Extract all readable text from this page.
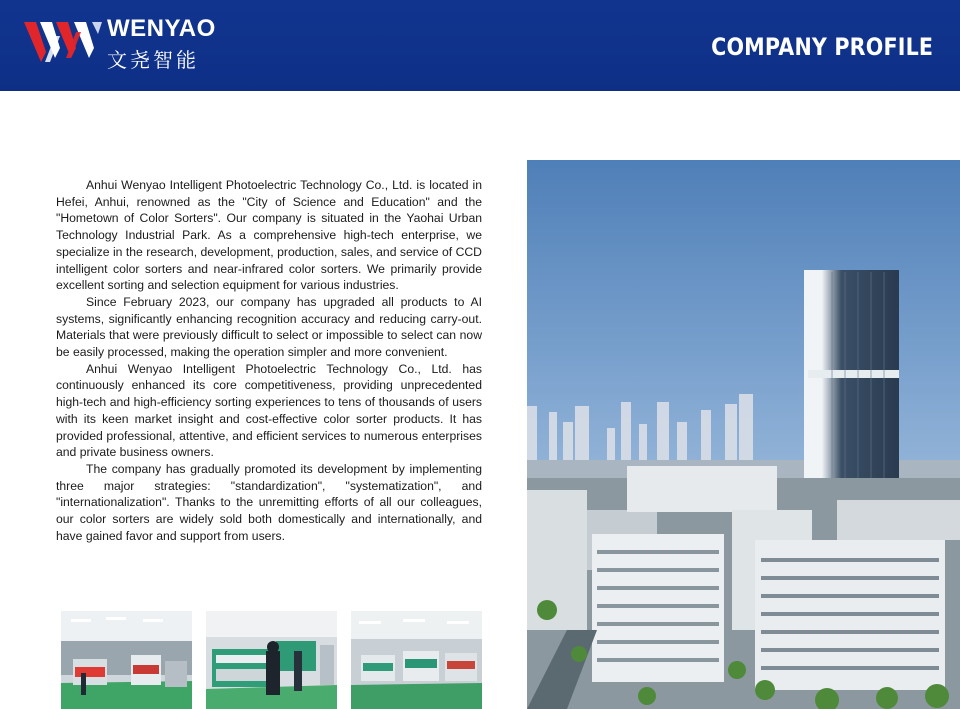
WENYAO
文尧智能	COMPANY PROFILE

Anhui Wenyao Intelligent Photoelectric Technology Co., Ltd. is located in Hefei, Anhui, renowned as the "City of Science and Education" and the "Hometown of Color Sorters". Our company is situated in the Yaohai Urban Technology Industrial Park. As a comprehensive high-tech enterprise, we specialize in the research, development, production, sales, and service of CCD intelligent color sorters and near-infrared color sorters. We primarily provide excellent sorting and selection equipment for various industries.

Since February 2023, our company has upgraded all products to AI systems, significantly enhancing recognition accuracy and reducing carry-out. Materials that were previously difficult to select or impossible to select can now be easily processed, making the operation simpler and more convenient.

Anhui Wenyao Intelligent Photoelectric Technology Co., Ltd. has continuously enhanced its core competitiveness, providing unprecedented high-tech and high-efficiency sorting experiences to tens of thousands of users with its keen market insight and cost-effective color sorter products. It has provided professional, attentive, and efficient services to numerous enterprises and private business owners.

The company has gradually promoted its development by implementing three major strategies: "standardization", "systematization", and "internationalization". Thanks to the unremitting efforts of all our colleagues, our color sorters are widely sold both domestically and internationally, and have gained favor and support from users.
